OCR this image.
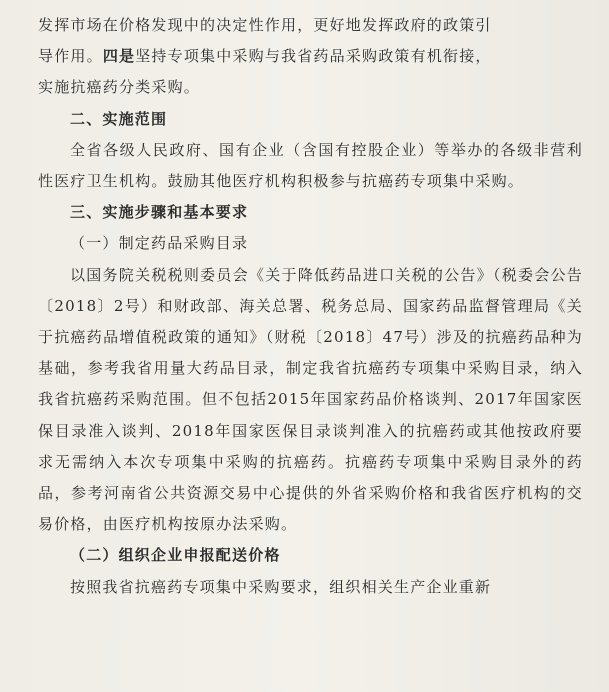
发挥市场在价格发现中的决定性作用，更好地发挥政府的政策引
导作用。四是坚持专项集中采购与我省药品采购政策有机衔接，
实施抗癌药分类采购。

二、实施范围

全省各级人民政府、国有企业（含国有控股企业）等举办的各级非营利性医疗卫生机构。鼓励其他医疗机构积极参与抗癌药专项集中采购。

三、实施步骤和基本要求

（一）制定药品采购目录

以国务院关税税则委员会《关于降低药品进口关税的公告》（税委会公告〔2018〕2号）和财政部、海关总署、税务总局、国家药品监督管理局《关于抗癌药品增值税政策的通知》（财税〔2018〕47号）涉及的抗癌药品种为基础，参考我省用量大药品目录，制定我省抗癌药专项集中采购目录，纳入我省抗癌药采购范围。但不包括2015年国家药品价格谈判、2017年国家医保目录准入谈判、2018年国家医保目录谈判准入的抗癌药或其他按政府要求无需纳入本次专项集中采购的抗癌药。抗癌药专项集中采购目录外的药品，参考河南省公共资源交易中心提供的外省采购价格和我省医疗机构的交易价格，由医疗机构按原办法采购。

（二）组织企业申报配送价格

按照我省抗癌药专项集中采购要求，组织相关生产企业重新
